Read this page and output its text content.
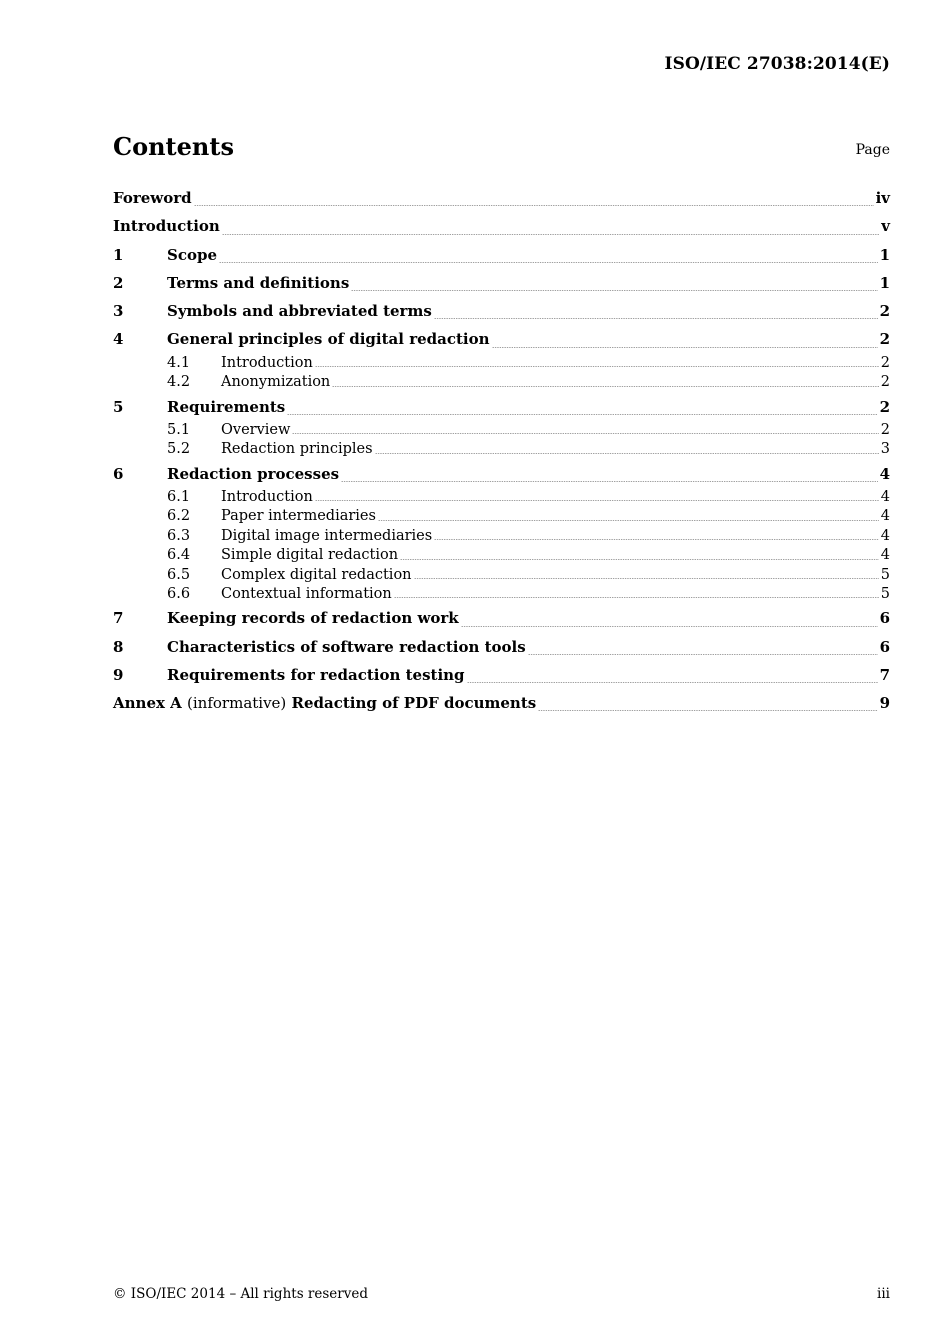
ISO/IEC 27038:2014(E)
Contents	Page
Foreword	iv
Introduction	v
1	Scope	1
2	Terms and definitions	1
3	Symbols and abbreviated terms	2
4	General principles of digital redaction	2
4.1	Introduction	2
4.2	Anonymization	2
5	Requirements	2
5.1	Overview	2
5.2	Redaction principles	3
6	Redaction processes	4
6.1	Introduction	4
6.2	Paper intermediaries	4
6.3	Digital image intermediaries	4
6.4	Simple digital redaction	4
6.5	Complex digital redaction	5
6.6	Contextual information	5
7	Keeping records of redaction work	6
8	Characteristics of software redaction tools	6
9	Requirements for redaction testing	7
Annex A (informative) Redacting of PDF documents	9
© ISO/IEC 2014 – All rights reserved	iii
